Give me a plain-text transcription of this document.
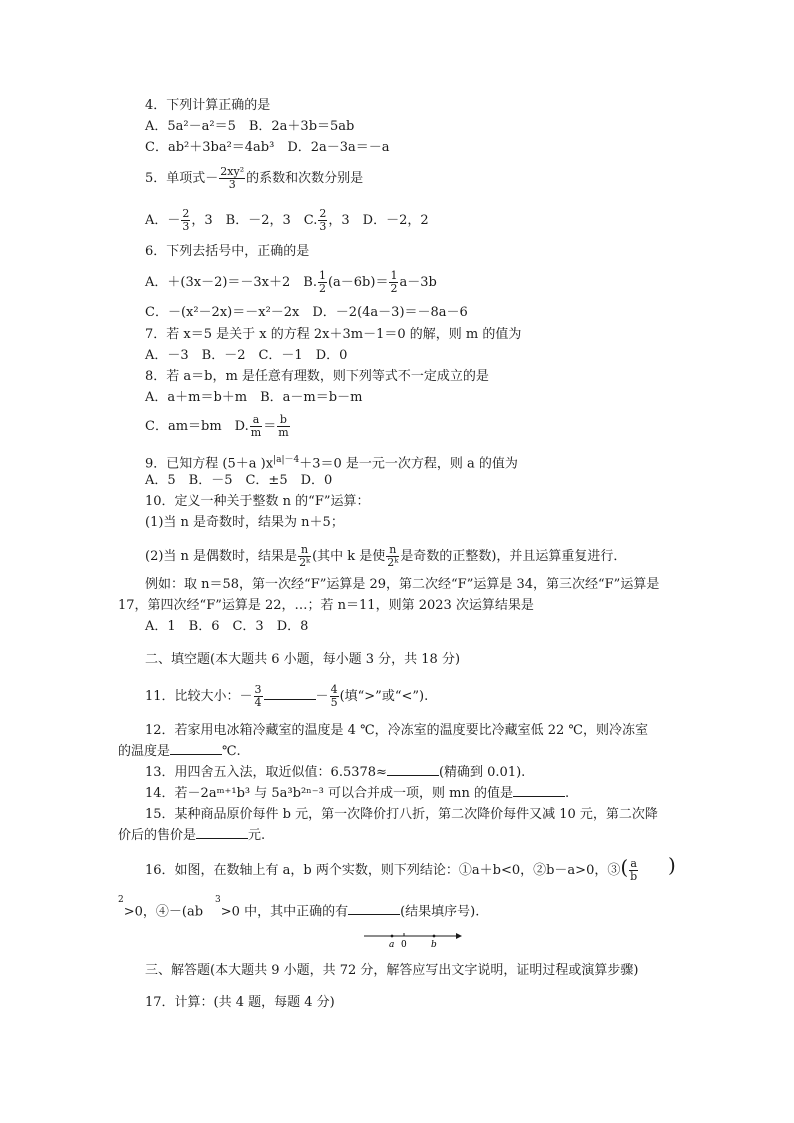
4．下列计算正确的是
A．5a²－a²＝5　B．2a＋3b＝5ab
C．ab²＋3ba²＝4ab³　D．2a－3a＝－a
5．单项式－ $\frac{\text{2xy²}}{3}$ 的系数和次数分别是
A．－ $\frac{2}{3}$ ，3　B．－2，3　C. $\frac{2}{3}$ ，3　D．－2，2
6．下列去括号中，正确的是
A．＋(3x－2)＝－3x＋2　B. $\frac{1}{2} (a-6b)= \frac{1}{2} a-3b$
C．－(x²－2x)＝－x²－2x　D．－2(4a－3)＝－8a－6
7．若 x＝5 是关于 x 的方程 2x＋3m－1＝0 的解，则 m 的值为
A．－3　B．－2　C．－1　D．0
8．若 a＝b，m 是任意有理数，则下列等式不一定成立的是
A．a＋m＝b＋m　B．a－m＝b－m
C．am＝bm　D. $\frac{a}{m} = \frac{b}{m}$
9．已知方程 (5＋a )$x^{|a|-4}+3=0$ 是一元一次方程，则 a 的值为
A．5　B．－5　C．±5　D．0
10．定义一种关于整数 n 的“F”运算：
(1)当 n 是奇数时，结果为 n＋5；
(2)当 n 是偶数时，结果是 $\frac{n}{\text{2ᵏ}}$ (其中 k 是使 $\frac{n}{\text{2ᵏ}}$ 是奇数的正整数)，并且运算重复进行．
例如：取 n＝58，第一次经“F”运算是 29，第二次经“F”运算是 34，第三次经“F”运算是
17，第四次经“F”运算是 22，…；若 n＝11，则第 2023 次运算结果是
A．1　B．6　C．3　D．8
二、填空题(本大题共 6 小题，每小题 3 分，共 18 分)
11．比较大小：－ $\frac{3}{4}$	－ $\frac{4}{5}$ (填“>”或“<”).
12．若家用电冰箱冷藏室的温度是 4 ℃，冷冻室的温度要比冷藏室低 22 ℃，则冷冻室
的温度是	℃.
13．用四舍五入法，取近似值：6.5378≈	(精确到 0.01).
14．若－2aᵐ⁺¹b³ 与 5a³b²ⁿ⁻³ 可以合并成一项，则 mn 的值是	.
15．某种商品原价每件 b 元，第一次降价打八折，第二次降价每件又减 10 元，第二次降
价后的售价是	元.
16．如图，在数轴上有 a，b 两个实数，则下列结论：①a＋b<0，②b－a>0，③( $\frac{a}{b}$ )
$^2$>0，$④-(ab^3>0$ 中，其中正确的有	(结果填序号).
a 0	b
三、解答题(本大题共 9 小题，共 72 分，解答应写出文字说明，证明过程或演算步骤)
17．计算：(共 4 题，每题 4 分)
